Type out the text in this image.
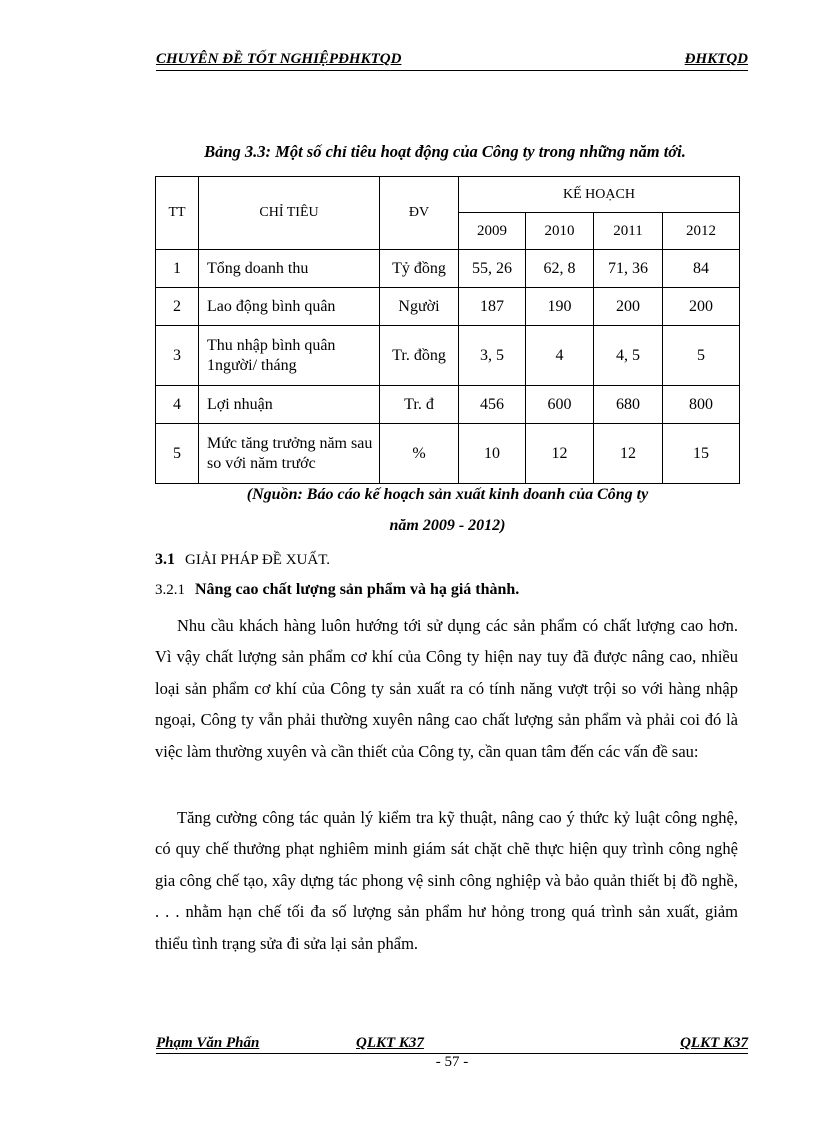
CHUYÊN ĐỀ TỐT NGHIỆPĐHKTQD	ĐHKTQD
Bảng 3.3: Một số chỉ tiêu hoạt động của Công ty trong những năm tới.
TT	CHỈ TIÊU	ĐV	KẾ HOẠCH			
			2009	2010	2011	2012
1	Tổng doanh thu	Tỷ đồng	55, 26	62, 8	71, 36	84
2	Lao động bình quân	Người	187	190	200	200
3	Thu nhập bình quân 1người/ tháng	Tr. đồng	3, 5	4	4, 5	5
4	Lợi nhuận	Tr. đ	456	600	680	800
5	Mức tăng trưởng năm sau so với năm trước	%	10	12	12	15
(Nguồn: Báo cáo kế hoạch sản xuất kinh doanh của Công ty
năm 2009 - 2012)
3.1 GIẢI PHÁP ĐỀ XUẤT.
3.2.1 Nâng cao chất lượng sản phẩm và hạ giá thành.

Nhu cầu khách hàng luôn hướng tới sử dụng các sản phẩm có chất lượng cao hơn. Vì vậy chất lượng sản phẩm cơ khí của Công ty hiện nay tuy đã được nâng cao, nhiều loại sản phẩm cơ khí của Công ty sản xuất ra có tính năng vượt trội so với hàng nhập ngoại, Công ty vẫn phải thường xuyên nâng cao chất lượng sản phẩm và phải coi đó là việc làm thường xuyên và cần thiết của Công ty, cần quan tâm đến các vấn đề sau:

Tăng cường công tác quản lý kiểm tra kỹ thuật, nâng cao ý thức kỷ luật công nghệ, có quy chế thưởng phạt nghiêm minh giám sát chặt chẽ thực hiện quy trình công nghệ gia công chế tạo, xây dựng tác phong vệ sinh công nghiệp và bảo quản thiết bị đồ nghề, . . . nhằm hạn chế tối đa số lượng sản phẩm hư hỏng trong quá trình sản xuất, giảm thiểu tình trạng sửa đi sửa lại sản phẩm.

Phạm Văn Phấn	QLKT K37	QLKT K37
- 57 -
